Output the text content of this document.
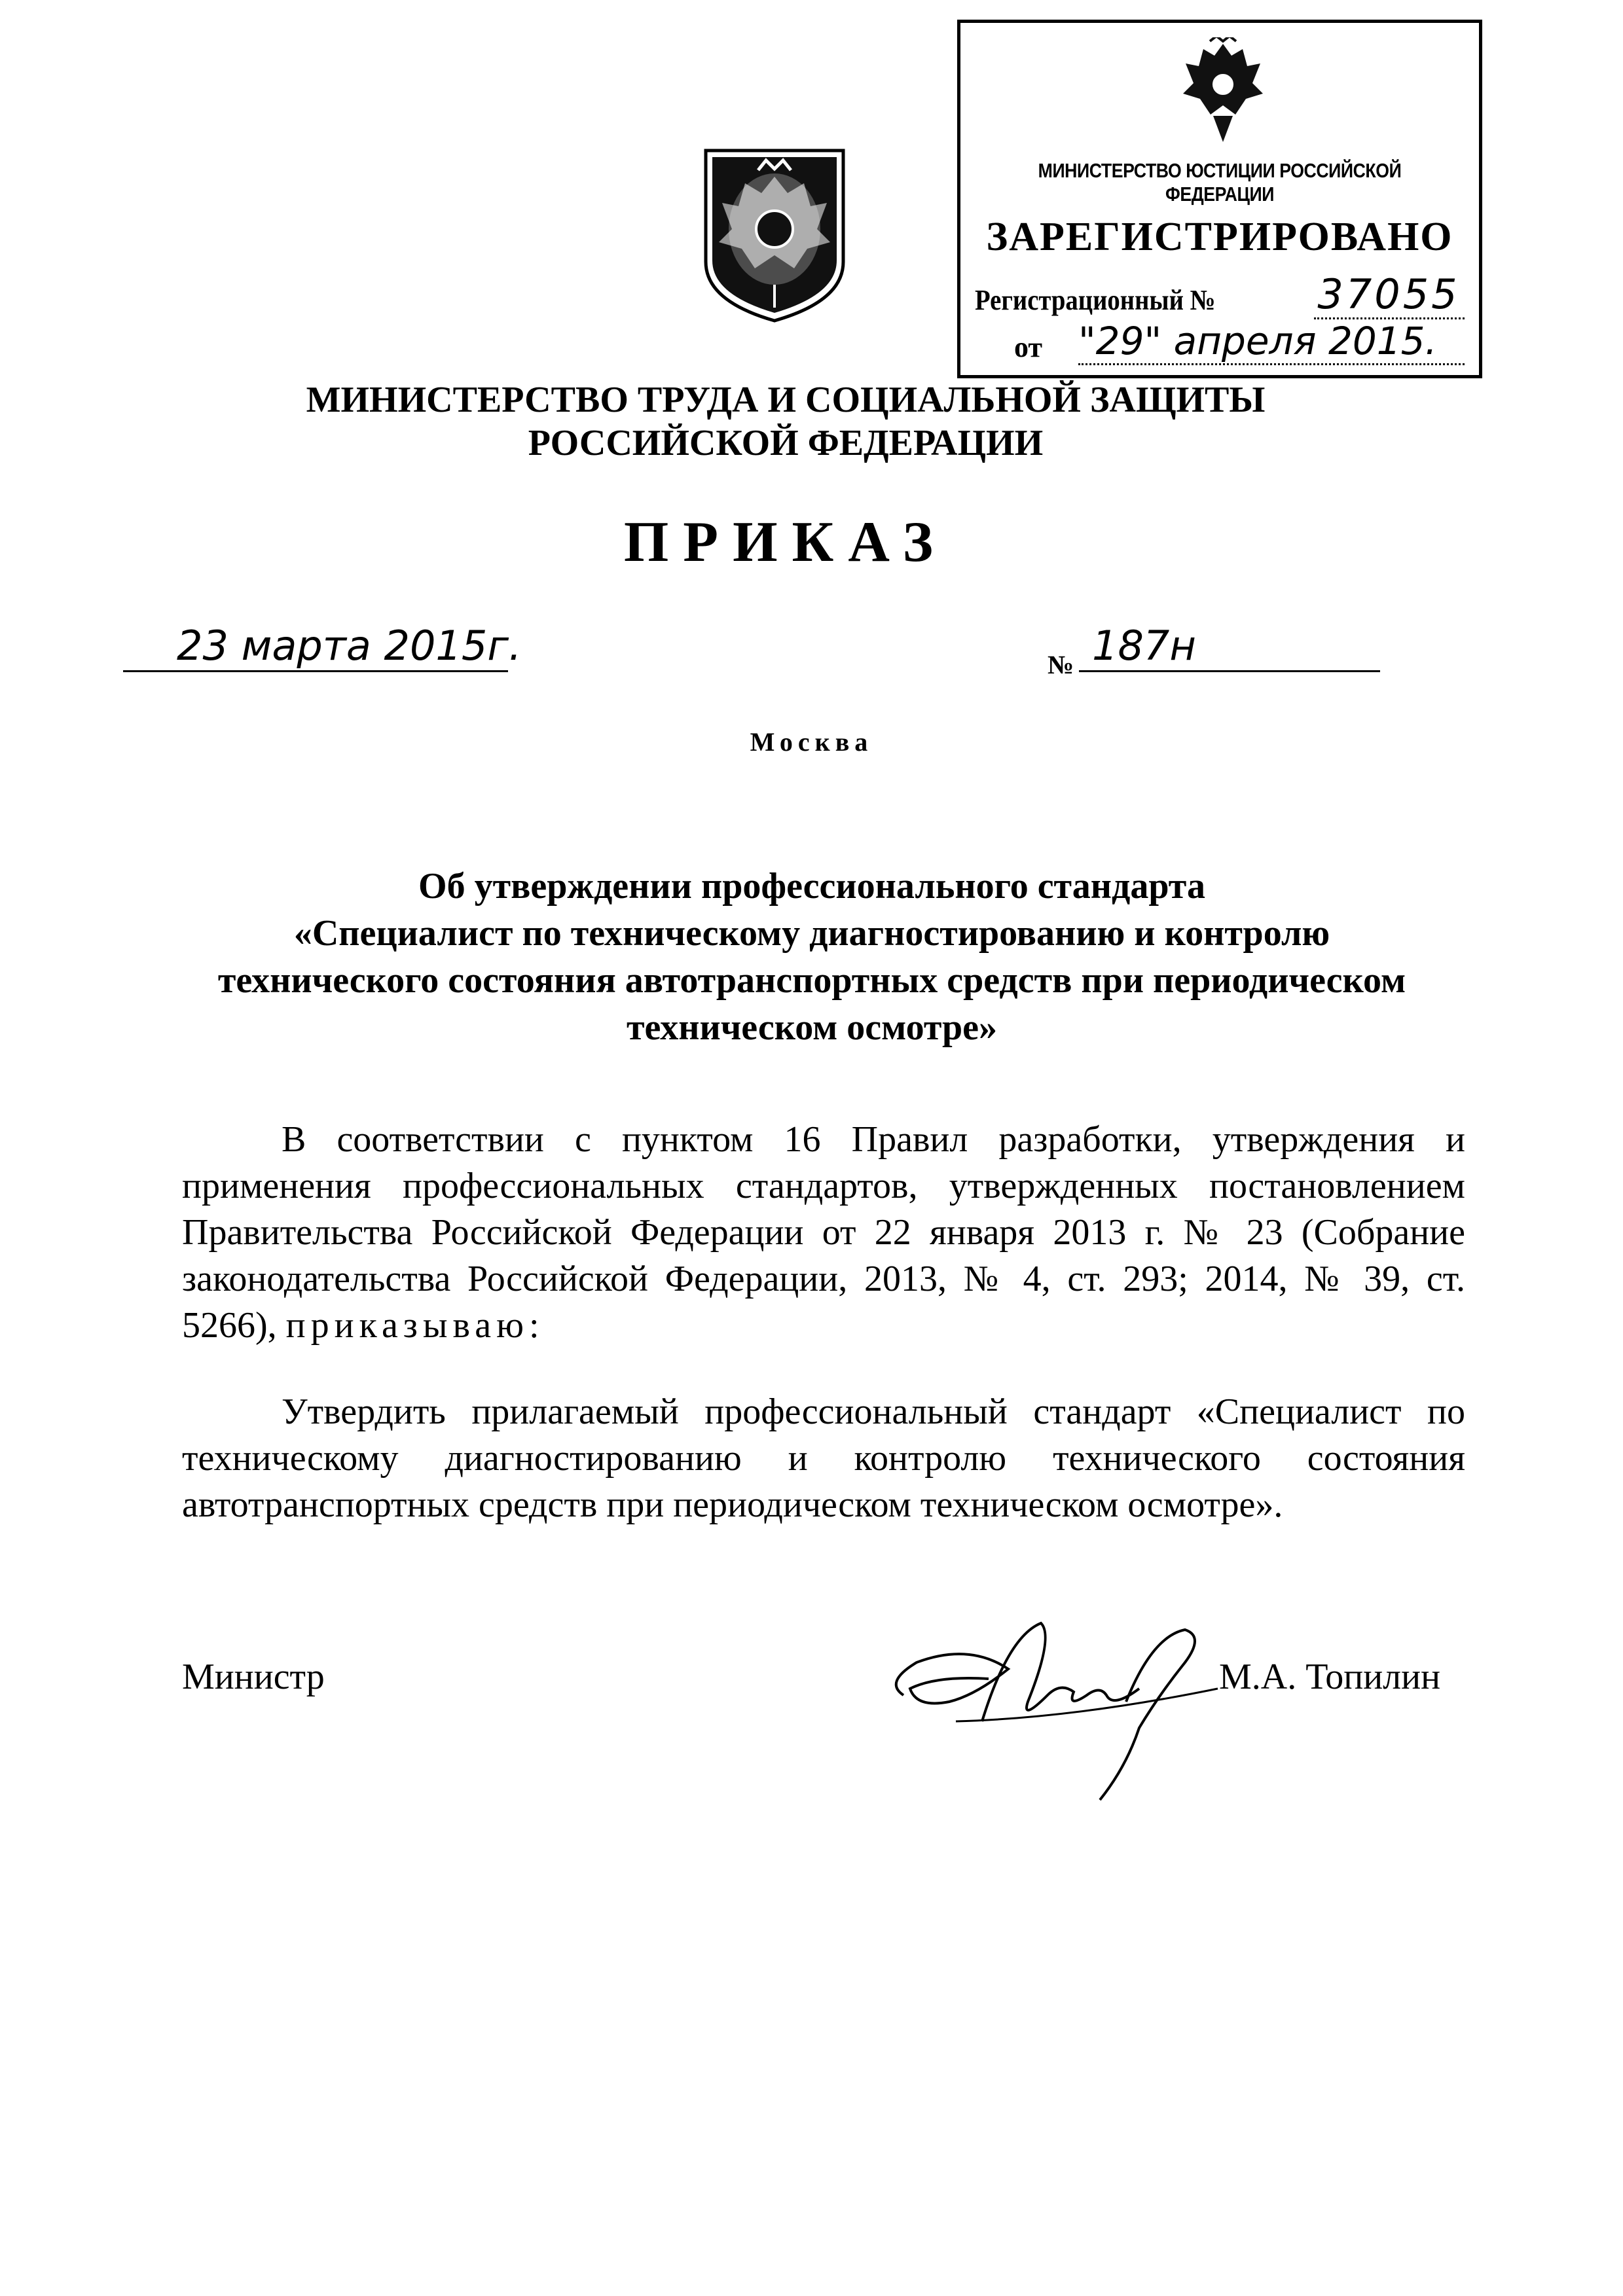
МИНИСТЕРСТВО ЮСТИЦИИ РОССИЙСКОЙ ФЕДЕРАЦИИ
ЗАРЕГИСТРИРОВАНО
Регистрационный №	37055
от "29" апреля 2015.
МИНИСТЕРСТВО ТРУДА И СОЦИАЛЬНОЙ ЗАЩИТЫ
РОССИЙСКОЙ ФЕДЕРАЦИИ
ПРИКАЗ
23 марта 2015г.	№ 187н
Москва
Об утверждении профессионального стандарта
«Специалист по техническому диагностированию и контролю
технического состояния автотранспортных средств при периодическом
техническом осмотре»
В соответствии с пунктом 16 Правил разработки, утверждения и применения профессиональных стандартов, утвержденных постановлением Правительства Российской Федерации от 22 января 2013 г. № 23 (Собрание законодательства Российской Федерации, 2013, № 4, ст. 293; 2014, № 39, ст. 5266), приказываю:
Утвердить прилагаемый профессиональный стандарт «Специалист по техническому диагностированию и контролю технического состояния автотранспортных средств при периодическом техническом осмотре».
Министр	М.А. Топилин
